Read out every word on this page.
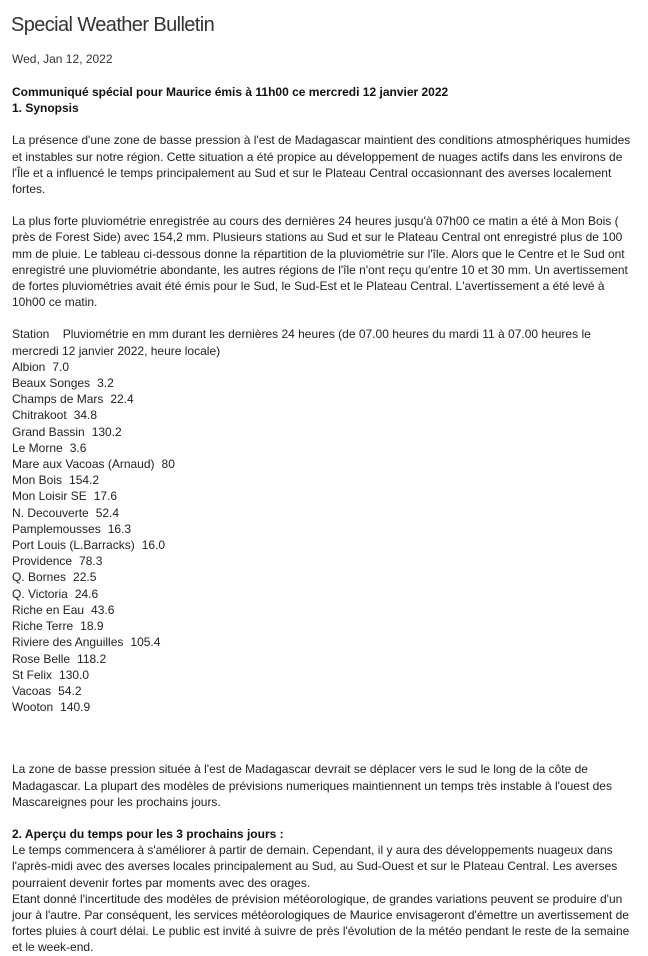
Special Weather Bulletin
Wed, Jan 12, 2022

Communiqué spécial pour Maurice émis à 11h00 ce mercredi 12 janvier 2022

1. Synopsis

La présence d'une zone de basse pression à l'est de Madagascar maintient des conditions atmosphériques humides et instables sur notre région. Cette situation a été propice au développement de nuages actifs dans les environs de l'Île et a influencé le temps principalement au Sud et sur le Plateau Central occasionnant des averses localement fortes.

La plus forte pluviométrie enregistrée au cours des dernières 24 heures jusqu'à 07h00 ce matin a été à Mon Bois ( près de Forest Side) avec 154,2 mm. Plusieurs stations au Sud et sur le Plateau Central ont enregistré plus de 100 mm de pluie. Le tableau ci-dessous donne la répartition de la pluviométrie sur l'île. Alors que le Centre et le Sud ont enregistré une pluviométrie abondante, les autres régions de l'île n'ont reçu qu'entre 10 et 30 mm. Un avertissement de fortes pluviométries avait été émis pour le Sud, le Sud-Est et le Plateau Central. L'avertissement a été levé à 10h00 ce matin.

Station    Pluviométrie en mm durant les dernières 24 heures (de 07.00 heures du mardi 11 à 07.00 heures le mercredi 12 janvier 2022, heure locale)

Albion 7.0
Beaux Songes 3.2
Champs de Mars 22.4
Chitrakoot 34.8
Grand Bassin 130.2
Le Morne 3.6
Mare aux Vacoas (Arnaud) 80
Mon Bois 154.2
Mon Loisir SE 17.6
N. Decouverte 52.4
Pamplemousses 16.3
Port Louis (L.Barracks) 16.0
Providence 78.3
Q. Bornes 22.5
Q. Victoria 24.6
Riche en Eau 43.6
Riche Terre 18.9
Riviere des Anguilles 105.4
Rose Belle 118.2
St Felix 130.0
Vacoas 54.2
Wooton 140.9

La zone de basse pression située à l'est de Madagascar devrait se déplacer vers le sud le long de la côte de Madagascar. La plupart des modèles de prévisions numeriques maintiennent un temps très instable à l'ouest des Mascareignes pour les prochains jours.

2. Aperçu du temps pour les 3 prochains jours :

Le temps commencera à s'améliorer à partir de demain. Cependant, il y aura des développements nuageux dans l'après-midi avec des averses locales principalement au Sud, au Sud-Ouest et sur le Plateau Central. Les averses pourraient devenir fortes par moments avec des orages.

Etant donné l'incertitude des modèles de prévision météorologique, de grandes variations peuvent se produire d'un jour à l'autre. Par conséquent, les services météorologiques de Maurice envisageront d'émettre un avertissement de fortes pluies à court délai. Le public est invité à suivre de près l'évolution de la météo pendant le reste de la semaine et le week-end.
